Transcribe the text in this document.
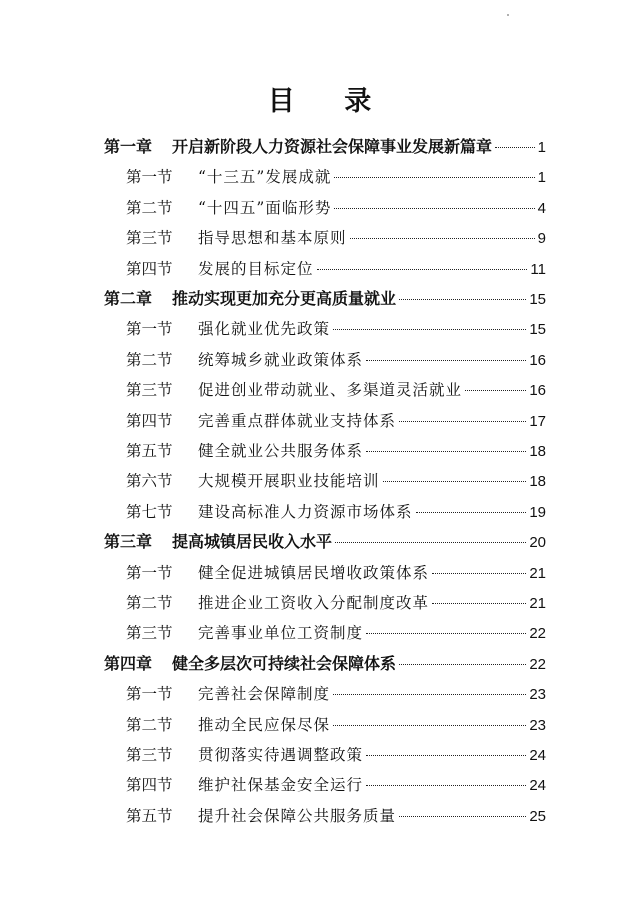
目 录
第一章	开启新阶段人力资源社会保障事业发展新篇章	1
第一节	“十三五”发展成就	1
第二节	“十四五”面临形势	4
第三节	指导思想和基本原则	9
第四节	发展的目标定位	11
第二章	推动实现更加充分更高质量就业	15
第一节	强化就业优先政策	15
第二节	统筹城乡就业政策体系	16
第三节	促进创业带动就业、多渠道灵活就业	16
第四节	完善重点群体就业支持体系	17
第五节	健全就业公共服务体系	18
第六节	大规模开展职业技能培训	18
第七节	建设高标准人力资源市场体系	19
第三章	提高城镇居民收入水平	20
第一节	健全促进城镇居民增收政策体系	21
第二节	推进企业工资收入分配制度改革	21
第三节	完善事业单位工资制度	22
第四章	健全多层次可持续社会保障体系	22
第一节	完善社会保障制度	23
第二节	推动全民应保尽保	23
第三节	贯彻落实待遇调整政策	24
第四节	维护社保基金安全运行	24
第五节	提升社会保障公共服务质量	25
